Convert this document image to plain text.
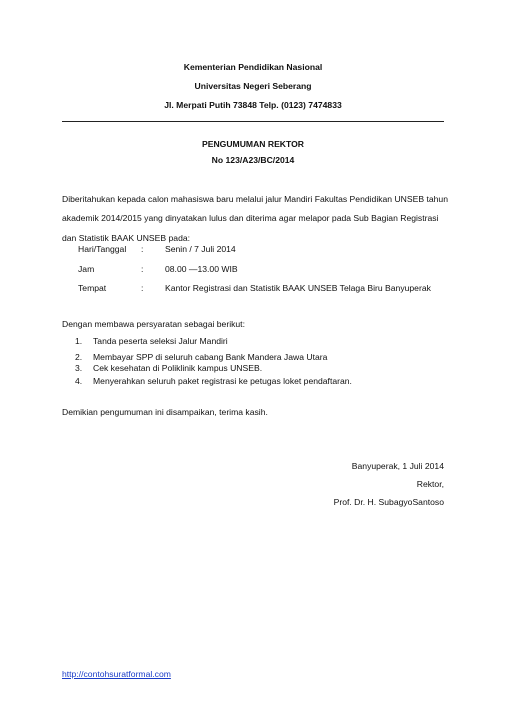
Kementerian Pendidikan Nasional
Universitas Negeri Seberang
Jl. Merpati Putih 73848 Telp. (0123) 7474833
PENGUMUMAN REKTOR
No 123/A23/BC/2014
Diberitahukan kepada calon mahasiswa baru melalui jalur Mandiri Fakultas Pendidikan UNSEB tahun
akademik 2014/2015 yang dinyatakan lulus dan diterima agar melapor pada Sub Bagian Registrasi
dan Statistik BAAK UNSEB pada:
Hari/Tanggal :	Senin / 7 Juli 2014
Jam	:	08.00 —13.00 WIB
Tempat	:	Kantor Registrasi dan Statistik BAAK UNSEB Telaga Biru Banyuperak
Dengan membawa persyaratan sebagai berikut:
1. Tanda peserta seleksi Jalur Mandiri
2. Membayar SPP di seluruh cabang Bank Mandera Jawa Utara
3. Cek kesehatan di Poliklinik kampus UNSEB.
4. Menyerahkan seluruh paket registrasi ke petugas loket pendaftaran.
Demikian pengumuman ini disampaikan, terima kasih.
Banyuperak, 1 Juli 2014
Rektor,
Prof. Dr. H. SubagyoSantoso
http://contohsuratformal.com
